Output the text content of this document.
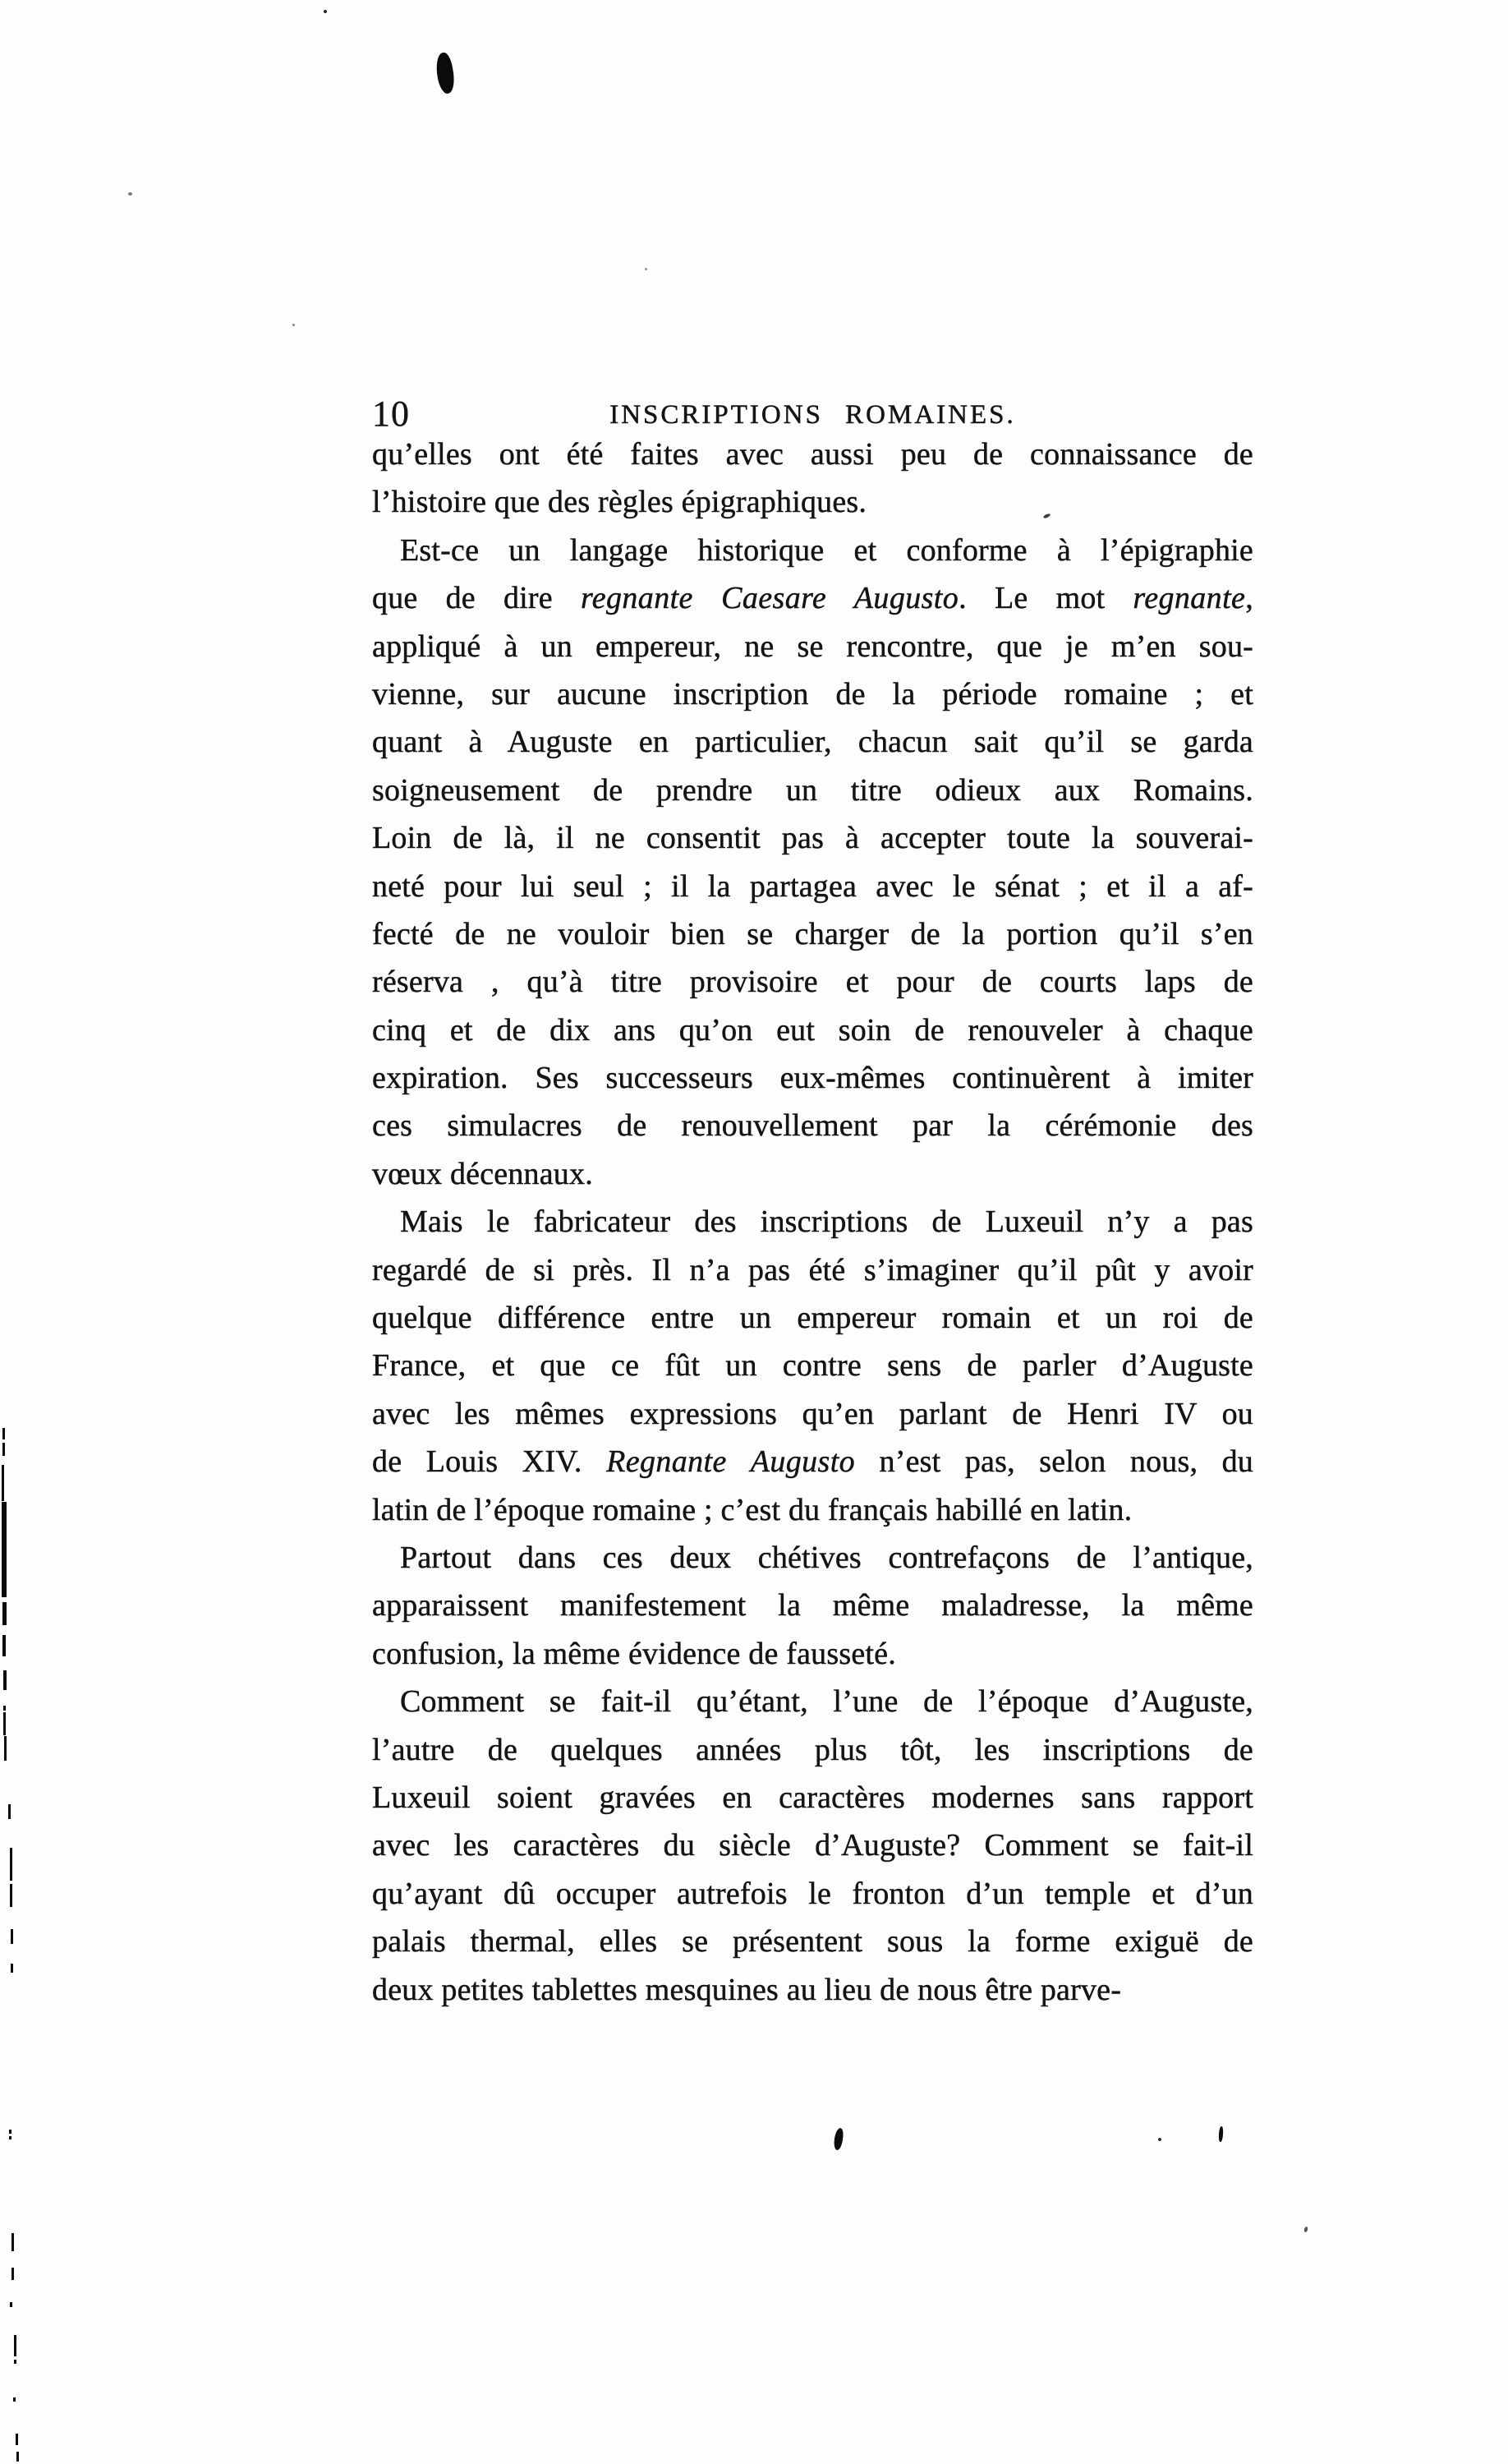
10	INSCRIPTIONS ROMAINES.
qu’elles ont été faites avec aussi peu de connaissance de
l’histoire que des règles épigraphiques.
Est-ce un langage historique et conforme à l’épigraphie
que de dire regnante Caesare Augusto. Le mot regnante,
appliqué à un empereur, ne se rencontre, que je m’en sou-
vienne, sur aucune inscription de la période romaine ; et
quant à Auguste en particulier, chacun sait qu’il se garda
soigneusement de prendre un titre odieux aux Romains.
Loin de là, il ne consentit pas à accepter toute la souverai-
neté pour lui seul ; il la partagea avec le sénat ; et il a af-
fecté de ne vouloir bien se charger de la portion qu’il s’en
réserva , qu’à titre provisoire et pour de courts laps de
cinq et de dix ans qu’on eut soin de renouveler à chaque
expiration. Ses successeurs eux-mêmes continuèrent à imiter
ces simulacres de renouvellement par la cérémonie des
vœux décennaux.
Mais le fabricateur des inscriptions de Luxeuil n’y a pas
regardé de si près. Il n’a pas été s’imaginer qu’il pût y avoir
quelque différence entre un empereur romain et un roi de
France, et que ce fût un contre sens de parler d’Auguste
avec les mêmes expressions qu’en parlant de Henri IV ou
de Louis XIV. Regnante Augusto n’est pas, selon nous, du
latin de l’époque romaine ; c’est du français habillé en latin.
Partout dans ces deux chétives contrefaçons de l’antique,
apparaissent manifestement la même maladresse, la même
confusion, la même évidence de fausseté.
Comment se fait-il qu’étant, l’une de l’époque d’Auguste,
l’autre de quelques années plus tôt, les inscriptions de
Luxeuil soient gravées en caractères modernes sans rapport
avec les caractères du siècle d’Auguste? Comment se fait-il
qu’ayant dû occuper autrefois le fronton d’un temple et d’un
palais thermal, elles se présentent sous la forme exiguë de
deux petites tablettes mesquines au lieu de nous être parve-
